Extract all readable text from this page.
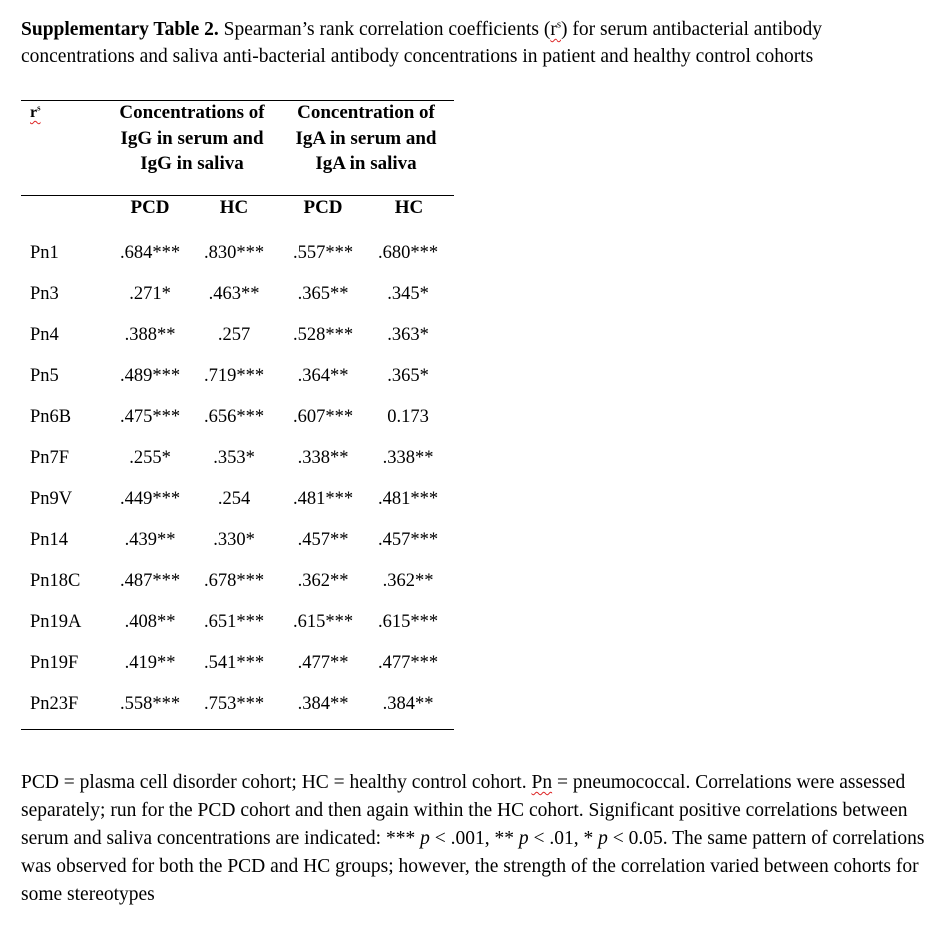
Supplementary Table 2. Spearman’s rank correlation coefficients $(r^s)$ for serum antibacterial antibody concentrations and saliva anti-bacterial antibody concentrations in patient and healthy control cohorts
$r^s$	Concentrations of IgG in serum and IgG in saliva
Concentration of IgA in serum and IgA in saliva
PCD	HC	PCD	HC
Pn1	.684***	.830***	.557***	.680***
Pn3	.271*	.463**	.365**	.345*
Pn4	.388**	.257	.528***	.363*
Pn5	.489***	.719***	.364**	.365*
Pn6B	.475***	.656***	.607***	0.173
Pn7F	.255*	.353*	.338**	.338**
Pn9V	.449***	.254	.481***	.481***
Pn14	.439**	.330*	.457**	.457***
Pn18C	.487***	.678***	.362**	.362**
Pn19A	.408**	.651***	.615***	.615***
Pn19F	.419**	.541***	.477**	.477***
Pn23F	.558***	.753***	.384**	.384**
PCD = plasma cell disorder cohort; HC = healthy control cohort. Pn = pneumococcal. Correlations were assessed separately; run for the PCD cohort and then again within the HC cohort. Significant positive correlations between serum and saliva concentrations are indicated: *** p < .001, ** p < .01, * p < 0.05. The same pattern of correlations was observed for both the PCD and HC groups; however, the strength of the correlation varied between cohorts for some stereotypes
